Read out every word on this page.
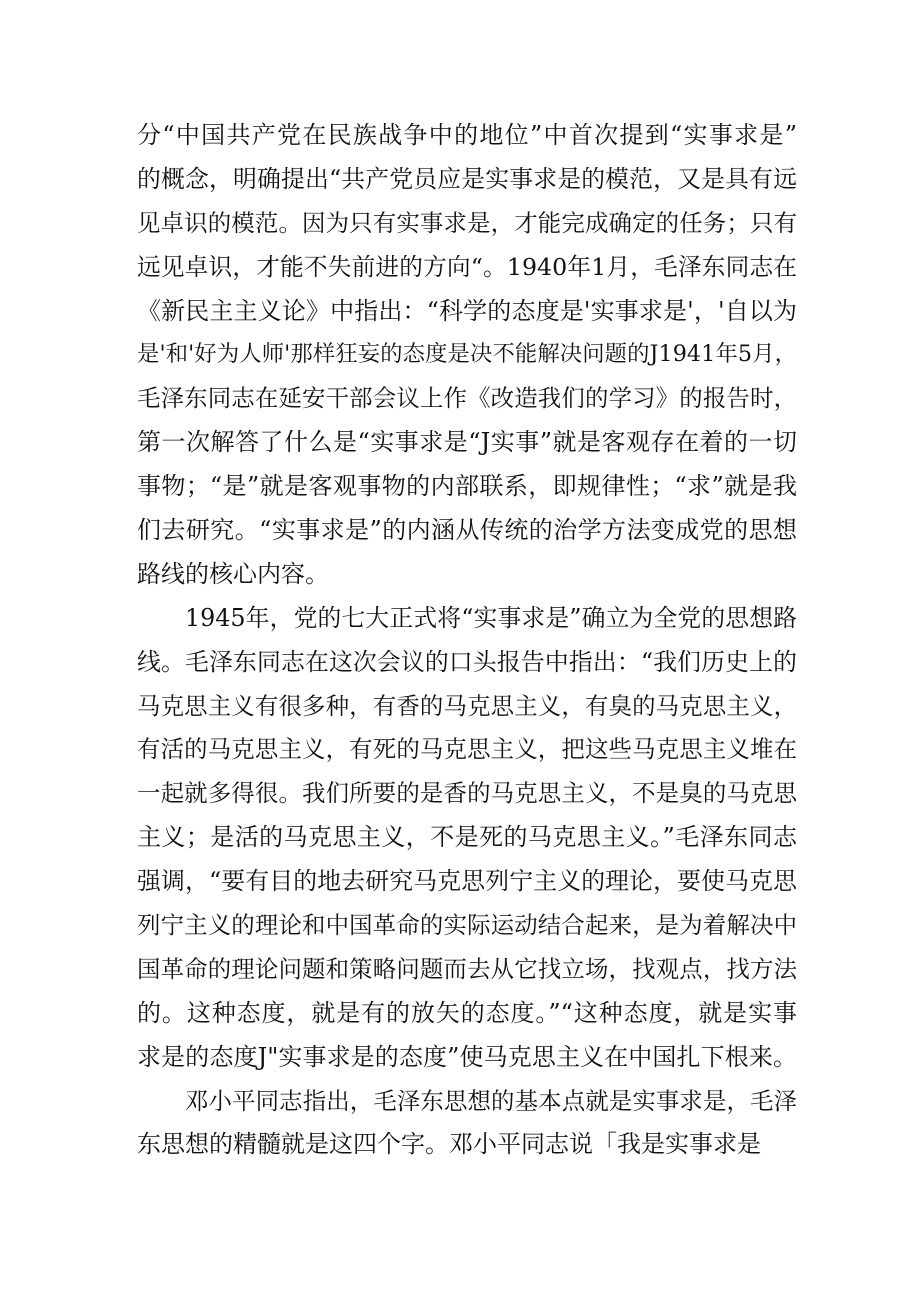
分“中国共产党在民族战争中的地位”中首次提到“实事求是”
的概念，明确提出“共产党员应是实事求是的模范，又是具有远
见卓识的模范。因为只有实事求是，才能完成确定的任务；只有
远见卓识，才能不失前进的方向“。1940年1月，毛泽东同志在
《新民主主义论》中指出：“科学的态度是'实事求是'，'自以为
是'和'好为人师'那样狂妄的态度是决不能解决问题的J1941年5月，
毛泽东同志在延安干部会议上作《改造我们的学习》的报告时，
第一次解答了什么是“实事求是“J实事”就是客观存在着的一切
事物；“是”就是客观事物的内部联系，即规律性；“求”就是我
们去研究。“实事求是”的内涵从传统的治学方法变成党的思想
路线的核心内容。
1945年，党的七大正式将“实事求是”确立为全党的思想路
线。毛泽东同志在这次会议的口头报告中指出：“我们历史上的
马克思主义有很多种，有香的马克思主义，有臭的马克思主义，
有活的马克思主义，有死的马克思主义，把这些马克思主义堆在
一起就多得很。我们所要的是香的马克思主义，不是臭的马克思
主义；是活的马克思主义，不是死的马克思主义。”毛泽东同志
强调，“要有目的地去研究马克思列宁主义的理论，要使马克思
列宁主义的理论和中国革命的实际运动结合起来，是为着解决中
国革命的理论问题和策略问题而去从它找立场，找观点，找方法
的。这种态度，就是有的放矢的态度。”“这种态度，就是实事
求是的态度J"实事求是的态度”使马克思主义在中国扎下根来。
邓小平同志指出，毛泽东思想的基本点就是实事求是，毛泽
东思想的精髓就是这四个字。邓小平同志说「我是实事求是
